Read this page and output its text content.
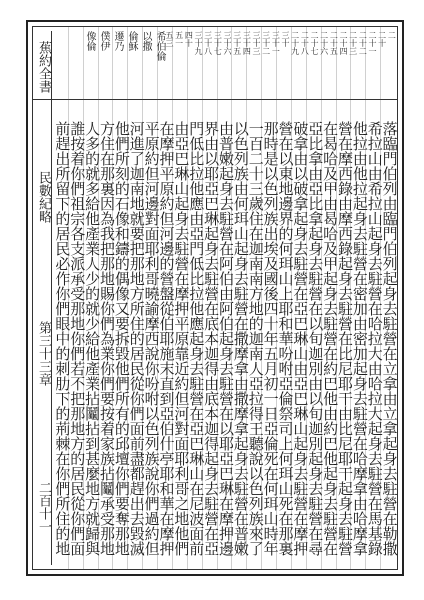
蕉約全書
民數紀略
第三十三章
二百十一	落臨門伯列由臨門伯列起身去駐營在立拿由立拿起身去駐營在勒撒
希拉山由希拉山起身去駐營在哈拉大由哈拉大起身去駐營在馬基錄
他拉由他拉起身去駐營在密加由密加起身去駐營在哈摩拿由哈摩拿
營在摩西錄由摩西錄起身去駐營在比尼耶干由比尼耶干起身去駐營
在曷哈及甲由曷哈及甲起身去駐營在約巴他由約巴他起身去駐營在
亞比拿由亞比拿起身去駐營在以旬迦別由以旬迦別起身去駐營在尋
破拿由以破拿起身去駐營在亞巴琳山由亞巴琳山起身去駐營在摩押
營在以東地邊界的何珥山上耶和華吩咐亞倫祭司上何珥山死在那裏
那時是以色列族出埃及國後四十年五月初一日亞倫死在何珥山時年
一百二十三歲住在迦南南方地的迦南人亞拉得王聽說以色列族來了
以色列族由何珥山起身去駐營在撒摩拿由撒摩拿起身去駐營在普嫩
由普嫩起身去駐營在阿伯由阿伯起身去駐營在以耶亞巴琳在摩押邊
界由以耶亞巴琳起身去駐營在底本迦得由底本迦得起身去駐營在亞
門低比拉他應由亞門低比拉他應起身去駐營在亞巴琳山在尼波面前
由亞巴琳山起身去駐營在摩押平原靠近約但河對面耶利哥之地他們
在摩押平原約但河邊的營盤從伯耶施末直到亞伯什亭耶和華在摩押
平原約但河邊對面耶利哥曉諭摩西說你吩咐以色列族說你們過約但
河進了迦南地就要把那地方所住的居民從你們面前盡都趕出去毀滅
他們所刻的石像和鑄的偶像又要拆毀他們所有的邱壇你們要奪那地
方住在那裏因為我把那地賜你們為業你們要按着家族拈鬮承受那地
人多的就多給他產業人少的就少給他產業拈鬮拈到甚麼地方就歸與
誰按着你們祖宗各支派承受那地你們若不把那地方的居民從你們面
前趕出所留下的居民必作你們眼中的刺肋下的荊棘在你們所住的地
二
二十
二十一
二十二
二十三
二十四
二十五
二十六
二十七
二十八
二十九
三十
三十一
三十二
三十三
三十四
三十五
三十六
三十七
三十八
三十九
四十
五一
五三
希伯倫
以撒
倫穌
遷乃
僕伊
像倫
